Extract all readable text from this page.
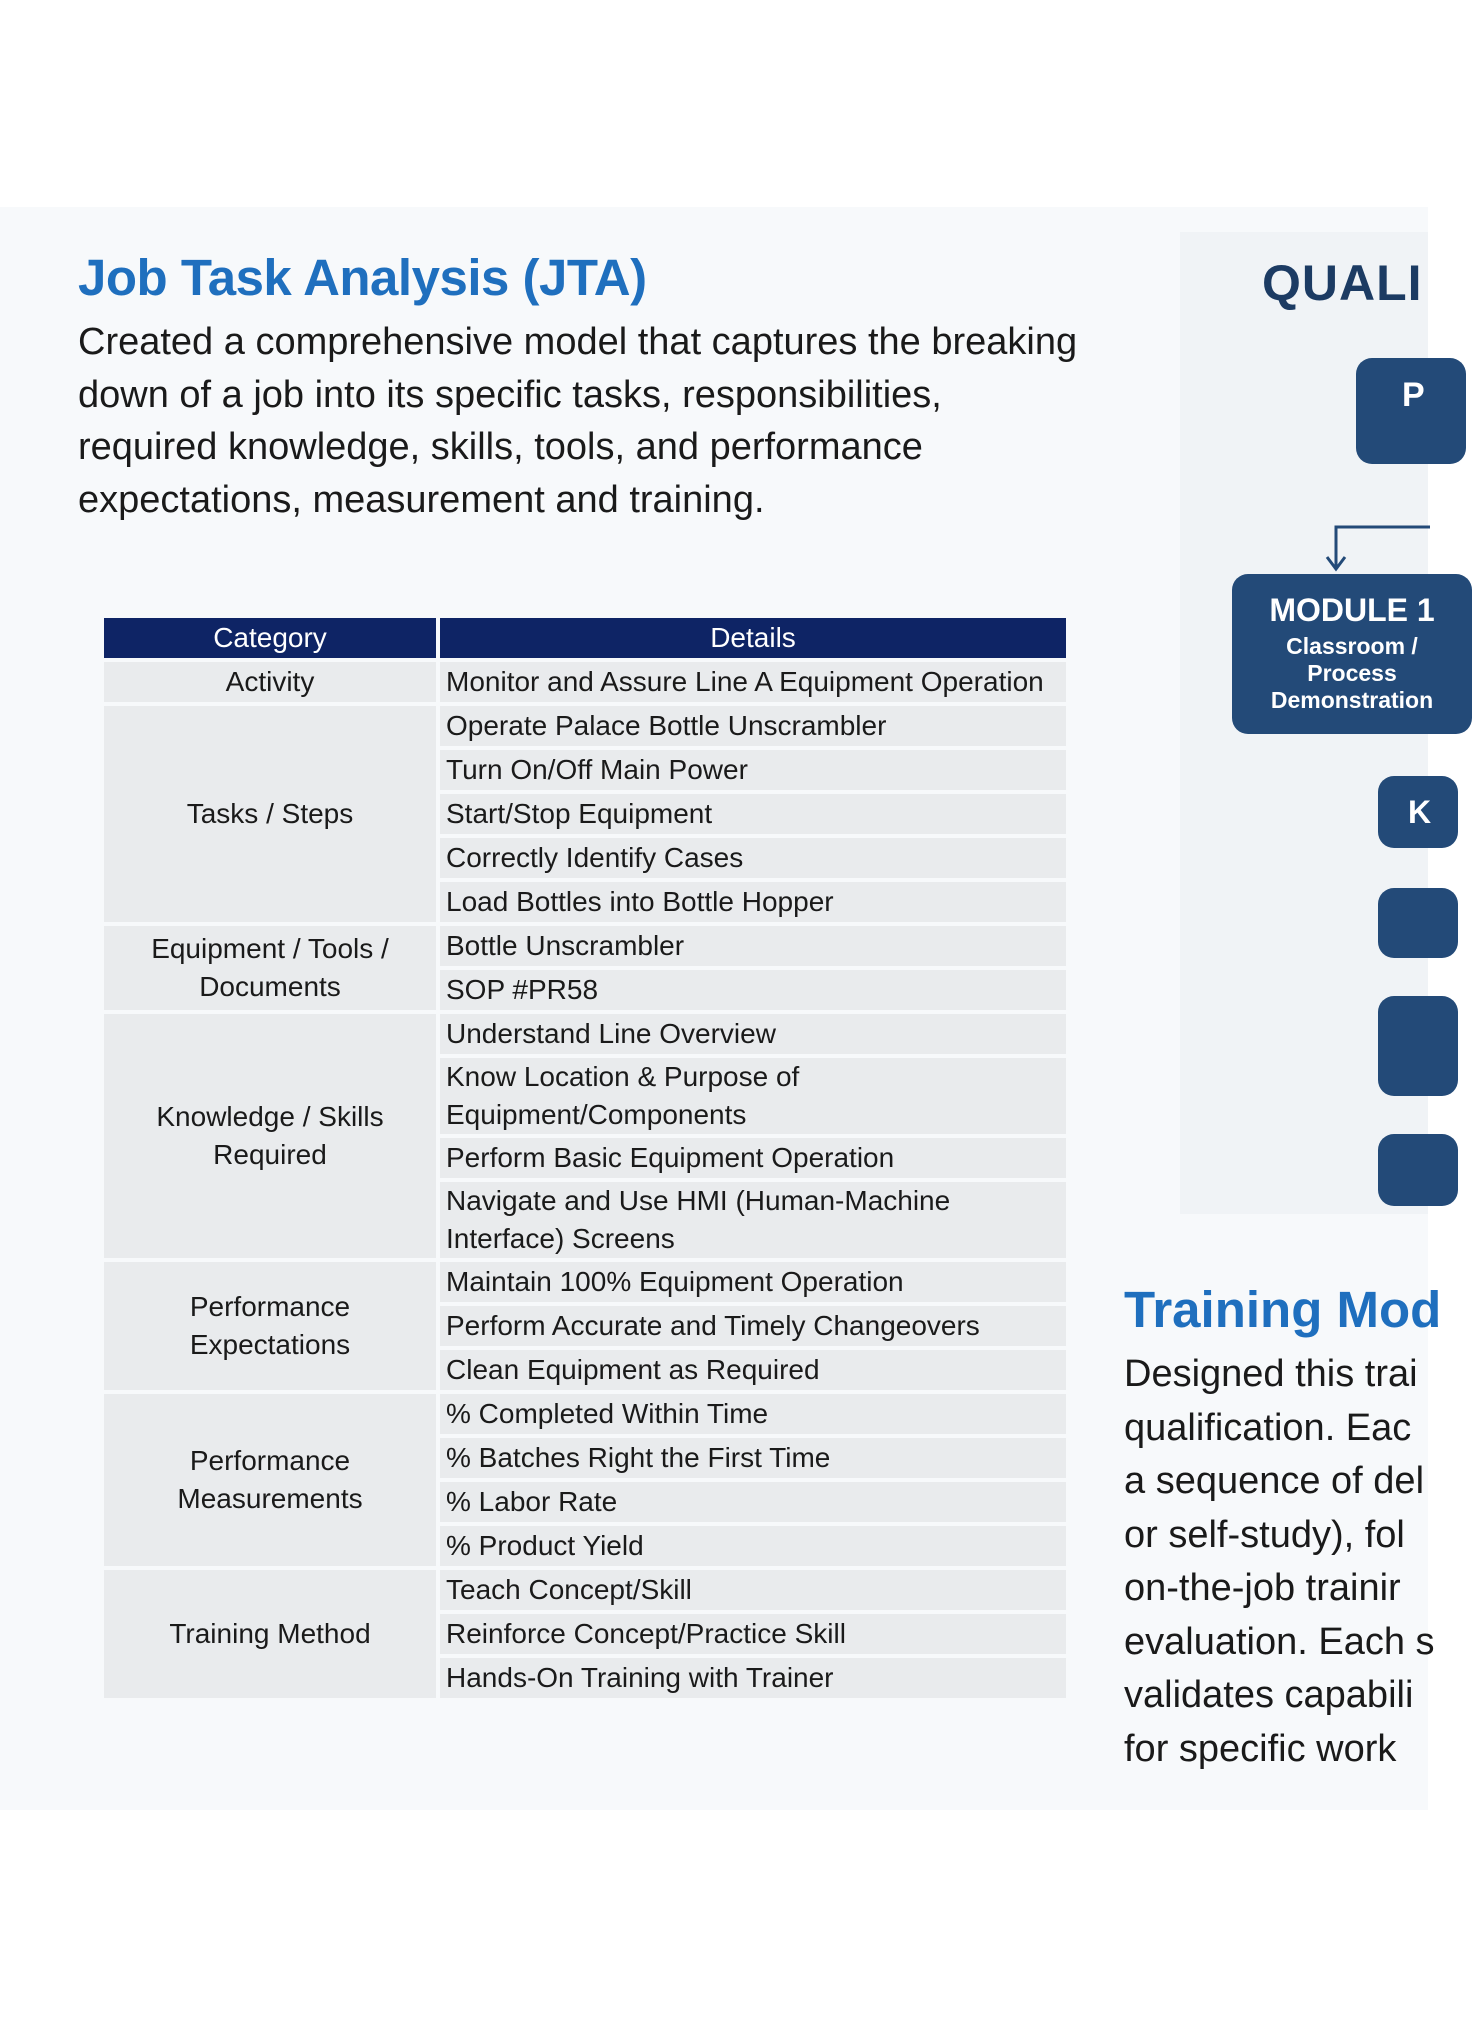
Job Task Analysis (JTA)

Created a comprehensive model that captures the breaking down of a job into its specific tasks, responsibilities, required knowledge, skills, tools, and performance expectations, measurement and training.

Category	Details
Activity	Monitor and Assure Line A Equipment Operation
Tasks / Steps	Operate Palace Bottle Unscrambler
	Turn On/Off Main Power
	Start/Stop Equipment
	Correctly Identify Cases
	Load Bottles into Bottle Hopper
Equipment / Tools / Documents	Bottle Unscrambler
	SOP #PR58
Knowledge / Skills Required	Understand Line Overview
	Know Location & Purpose of Equipment/Components
	Perform Basic Equipment Operation
	Navigate and Use HMI (Human-Machine Interface) Screens
Performance Expectations	Maintain 100% Equipment Operation
	Perform Accurate and Timely Changeovers
	Clean Equipment as Required
Performance Measurements	% Completed Within Time
	% Batches Right the First Time
	% Labor Rate
	% Product Yield
Training Method	Teach Concept/Skill
	Reinforce Concept/Practice Skill
	Hands-On Training with Trainer
QUALI
P
MODULE 1
Classroom /
Process
Demonstration
K
Training Mod
Designed this trai
qualification. Eac
a sequence of del
or self-study), fol
on-the-job trainir
evaluation. Each s
validates capabili
for specific work
